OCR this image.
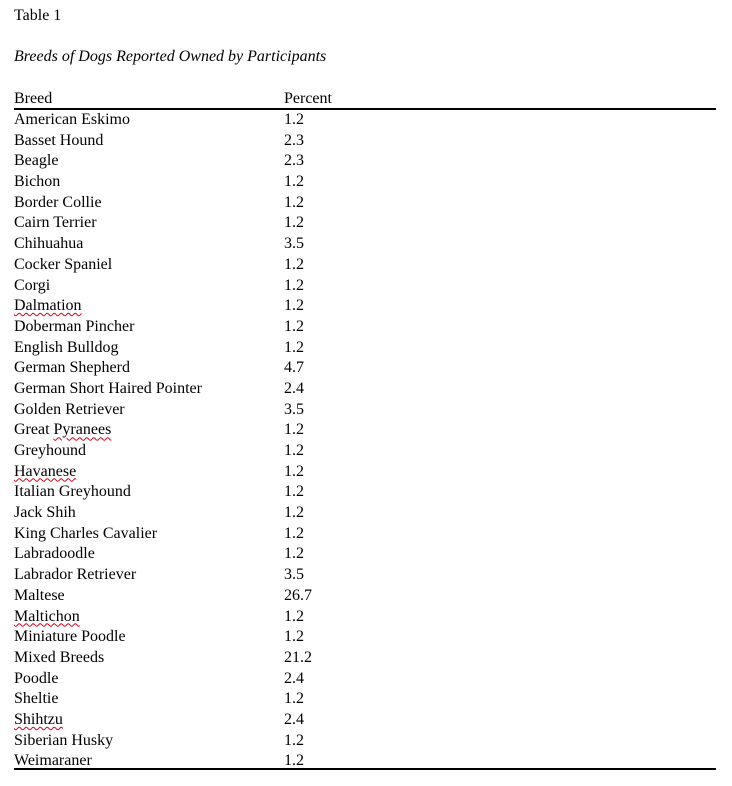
Table 1
Breeds of Dogs Reported Owned by Participants
Breed	Percent
American Eskimo	1.2
Basset Hound	2.3
Beagle	2.3
Bichon	1.2
Border Collie	1.2
Cairn Terrier	1.2
Chihuahua	3.5
Cocker Spaniel	1.2
Corgi	1.2
Dalmation	1.2
Doberman Pincher	1.2
English Bulldog	1.2
German Shepherd	4.7
German Short Haired Pointer	2.4
Golden Retriever	3.5
Great Pyranees	1.2
Greyhound	1.2
Havanese	1.2
Italian Greyhound	1.2
Jack Shih	1.2
King Charles Cavalier	1.2
Labradoodle	1.2
Labrador Retriever	3.5
Maltese	26.7
Maltichon	1.2
Miniature Poodle	1.2
Mixed Breeds	21.2
Poodle	2.4
Sheltie	1.2
Shihtzu	2.4
Siberian Husky	1.2
Weimaraner	1.2
